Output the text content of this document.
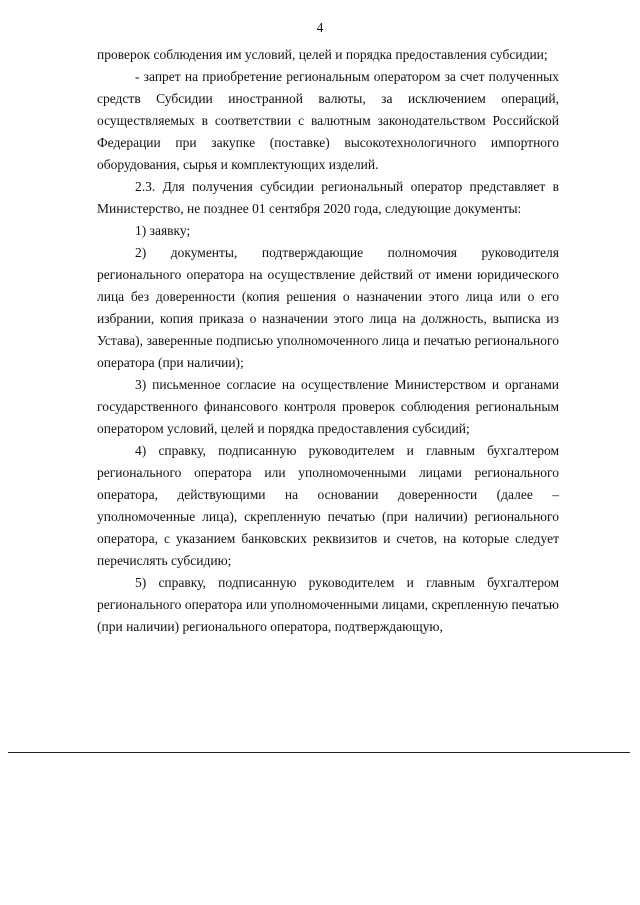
4

проверок соблюдения им условий, целей и порядка предоставления субсидии;

- запрет на приобретение региональным оператором за счет полученных средств Субсидии иностранной валюты, за исключением операций, осуществляемых в соответствии с валютным законодательством Российской Федерации при закупке (поставке) высокотехнологичного импортного оборудования, сырья и комплектующих изделий.

2.3. Для получения субсидии региональный оператор представляет в Министерство, не позднее 01 сентября 2020 года, следующие документы:

1) заявку;

2) документы, подтверждающие полномочия руководителя регионального оператора на осуществление действий от имени юридического лица без доверенности (копия решения о назначении этого лица или о его избрании, копия приказа о назначении этого лица на должность, выписка из Устава), заверенные подписью уполномоченного лица и печатью регионального оператора (при наличии);

3) письменное согласие на осуществление Министерством и органами государственного финансового контроля проверок соблюдения региональным оператором условий, целей и порядка предоставления субсидий;

4) справку, подписанную руководителем и главным бухгалтером регионального оператора или уполномоченными лицами регионального оператора, действующими на основании доверенности (далее – уполномоченные лица), скрепленную печатью (при наличии) регионального оператора, с указанием банковских реквизитов и счетов, на которые следует перечислять субсидию;

5) справку, подписанную руководителем и главным бухгалтером регионального оператора или уполномоченными лицами, скрепленную печатью (при наличии) регионального оператора, подтверждающую,
